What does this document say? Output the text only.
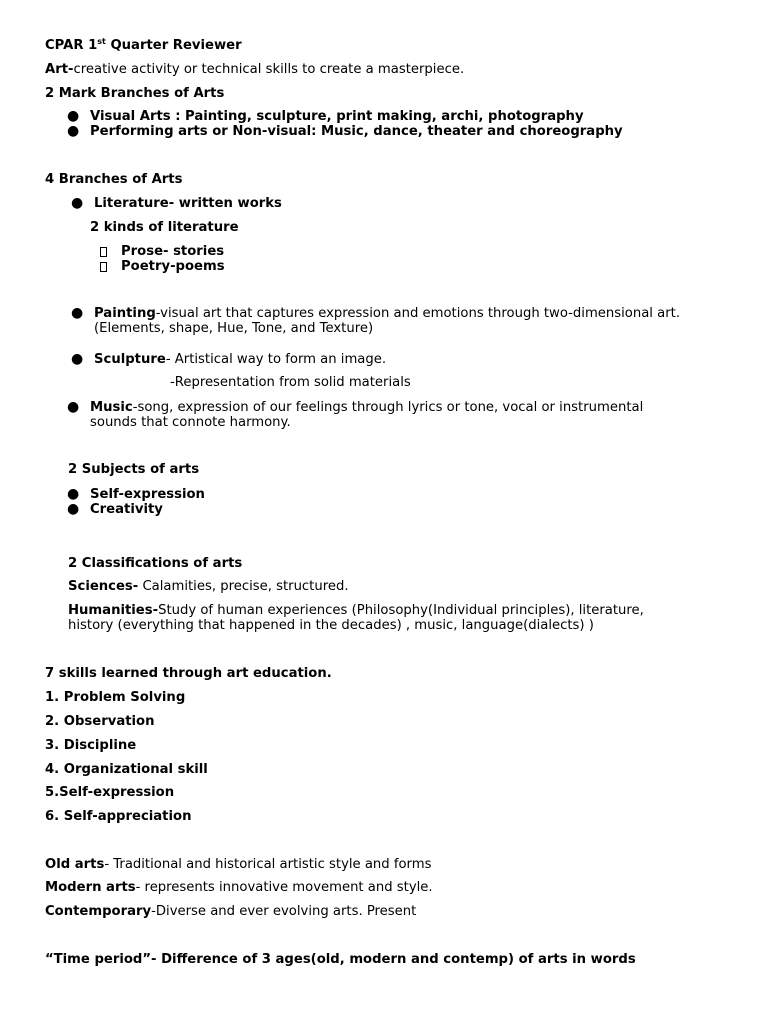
CPAR 1st Quarter Reviewer
Art-creative activity or technical skills to create a masterpiece.
2 Mark Branches of Arts
● Visual Arts : Painting, sculpture, print making, archi, photography
● Performing arts or Non-visual: Music, dance, theater and choreography
4 Branches of Arts
● Literature- written works
2 kinds of literature
Prose- stories
Poetry-poems
● Painting-visual art that captures expression and emotions through two-dimensional art.
(Elements, shape, Hue, Tone, and Texture)
● Sculpture- Artistical way to form an image.
-Representation from solid materials
● Music-song, expression of our feelings through lyrics or tone, vocal or instrumental
sounds that connote harmony.
2 Subjects of arts
● Self-expression
● Creativity
2 Classifications of arts
Sciences- Calamities, precise, structured.
Humanities-Study of human experiences (Philosophy(Individual principles), literature,
history (everything that happened in the decades) , music, language(dialects) )
7 skills learned through art education.
1. Problem Solving
2. Observation
3. Discipline
4. Organizational skill
5.Self-expression
6. Self-appreciation
Old arts- Traditional and historical artistic style and forms
Modern arts- represents innovative movement and style.
Contemporary-Diverse and ever evolving arts. Present
“Time period”- Difference of 3 ages(old, modern and contemp) of arts in words
